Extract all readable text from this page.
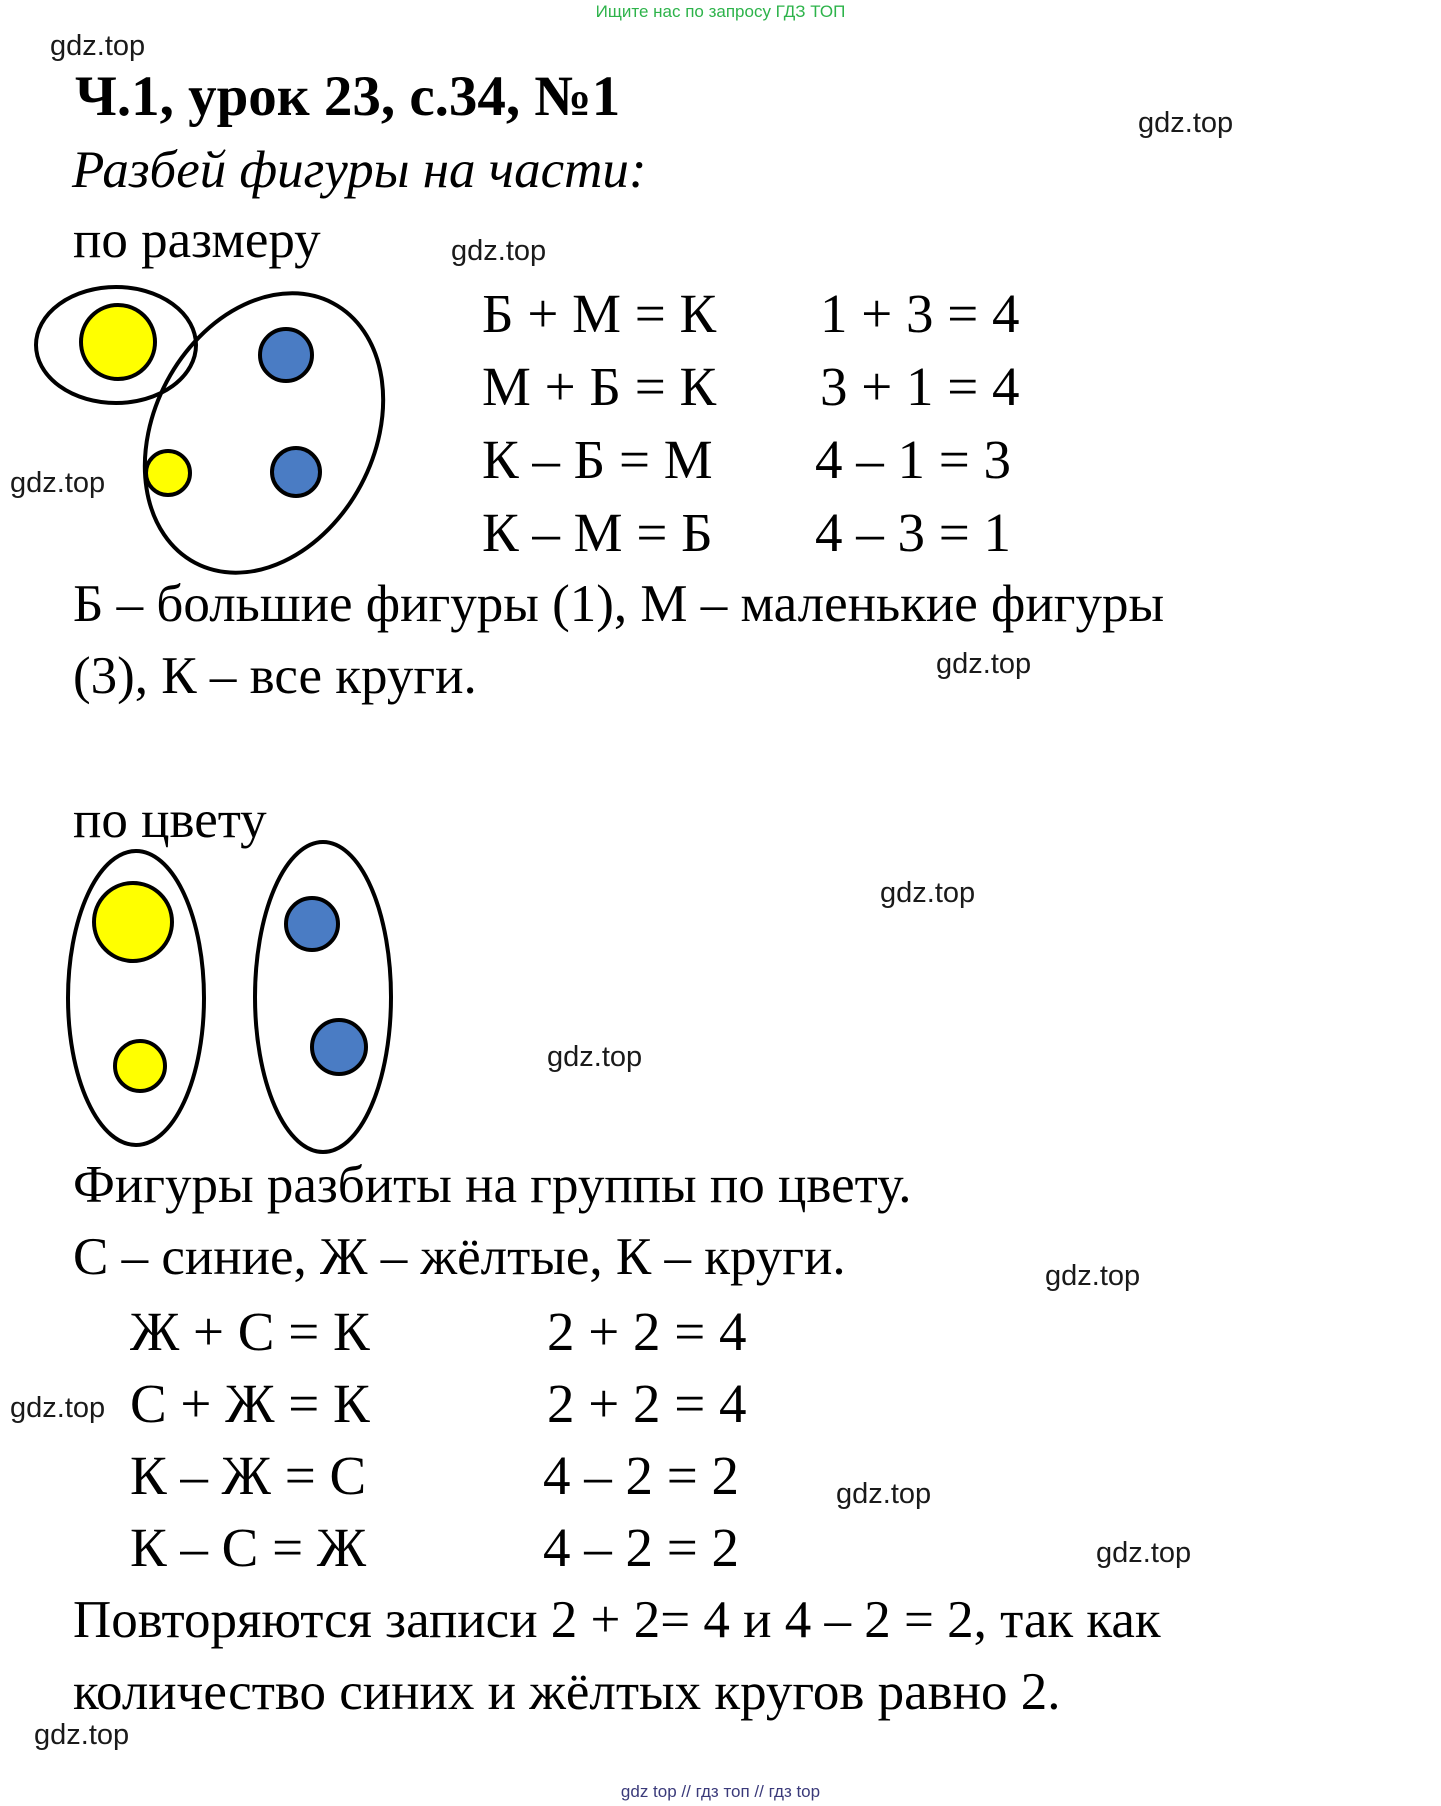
Ищите нас по запросу ГДЗ ТОП
gdz.top
gdz.top
gdz.top
gdz.top
gdz.top
gdz.top
gdz.top
gdz.top
gdz.top
gdz.top
gdz.top
gdz.top
Ч.1, урок 23, с.34, №1
Разбей фигуры на части:
по размеру
Б + М = К 1 + 3 = 4
М + Б = К 3 + 1 = 4
К – Б = М 4 – 1 = 3
К – М = Б 4 – 3 = 1
Б – большие фигуры (1), М – маленькие фигуры
(3), К – все круги.
по цвету
Фигуры разбиты на группы по цвету.
С – синие, Ж – жёлтые, К – круги.
Ж + С = К	2 + 2 = 4
С + Ж = К	2 + 2 = 4
К – Ж = С	4 – 2 = 2
К – С = Ж	4 – 2 = 2
Повторяются записи 2 + 2= 4 и 4 – 2 = 2, так как
количество синих и жёлтых кругов равно 2.
gdz top // гдз топ // гдз top
